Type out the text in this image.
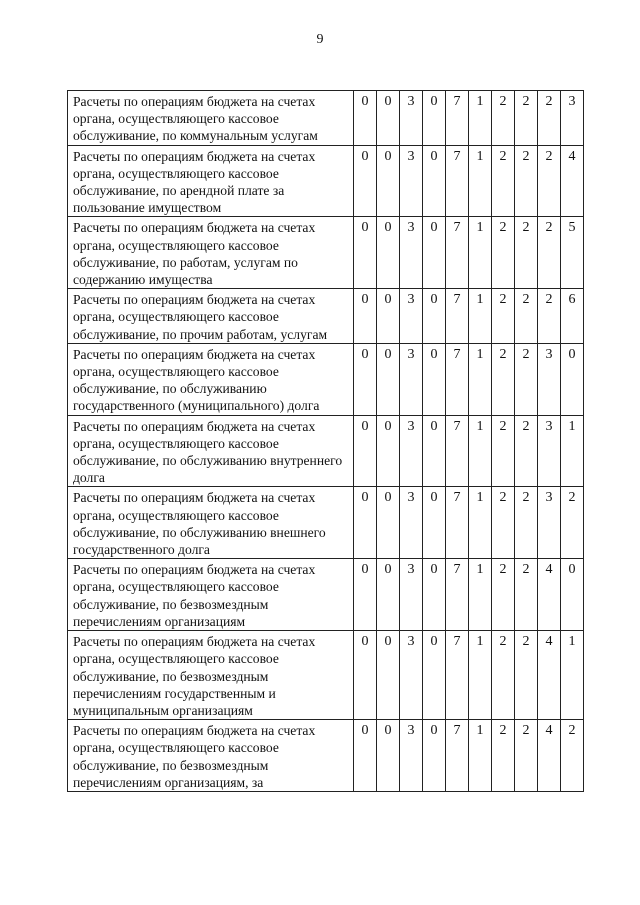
9
Расчеты по операциям бюджета на счетах органа, осуществляющего кассовое обслуживание, по коммунальным услугам	0	0	3	0	7	1	2	2	2	3
Расчеты по операциям бюджета на счетах органа, осуществляющего кассовое обслуживание, по арендной плате за пользование имуществом	0	0	3	0	7	1	2	2	2	4
Расчеты по операциям бюджета на счетах органа, осуществляющего кассовое обслуживание, по работам, услугам по содержанию имущества	0	0	3	0	7	1	2	2	2	5
Расчеты по операциям бюджета на счетах органа, осуществляющего кассовое обслуживание, по прочим работам, услугам	0	0	3	0	7	1	2	2	2	6
Расчеты по операциям бюджета на счетах органа, осуществляющего кассовое обслуживание, по обслуживанию государственного (муниципального) долга	0	0	3	0	7	1	2	2	3	0
Расчеты по операциям бюджета на счетах органа, осуществляющего кассовое обслуживание, по обслуживанию внутреннего долга	0	0	3	0	7	1	2	2	3	1
Расчеты по операциям бюджета на счетах органа, осуществляющего кассовое обслуживание, по обслуживанию внешнего государственного долга	0	0	3	0	7	1	2	2	3	2
Расчеты по операциям бюджета на счетах органа, осуществляющего кассовое обслуживание, по безвозмездным перечислениям организациям	0	0	3	0	7	1	2	2	4	0
Расчеты по операциям бюджета на счетах органа, осуществляющего кассовое обслуживание, по безвозмездным перечислениям государственным и муниципальным организациям	0	0	3	0	7	1	2	2	4	1
Расчеты по операциям бюджета на счетах органа, осуществляющего кассовое обслуживание, по безвозмездным перечислениям организациям, за	0	0	3	0	7	1	2	2	4	2
